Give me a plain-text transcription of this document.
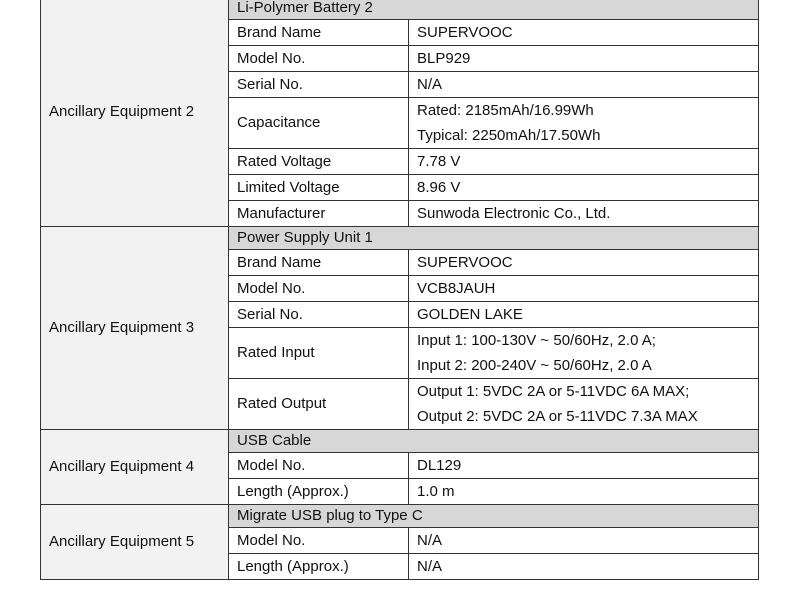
Ancillary Equipment 2	Li-Polymer Battery 2	
	Brand Name	SUPERVOOC
	Model No.	BLP929
	Serial No.	N/A
	Capacitance	Rated: 2185mAh/16.99Wh
Typical: 2250mAh/17.50Wh

	Rated Voltage	7.78 V
	Limited Voltage	8.96 V
	Manufacturer	Sunwoda Electronic Co., Ltd.
Ancillary Equipment 3	Power Supply Unit 1	
	Brand Name	SUPERVOOC
	Model No.	VCB8JAUH
	Serial No.	GOLDEN LAKE
	Rated Input	Input 1: 100-130V ~ 50/60Hz, 2.0 A;
Input 2: 200-240V ~ 50/60Hz, 2.0 A

	Rated Output	Output 1: 5VDC 2A or 5-11VDC 6A MAX;
Output 2: 5VDC 2A or 5-11VDC 7.3A MAX

Ancillary Equipment 4	USB Cable	
	Model No.	DL129
	Length (Approx.)	1.0 m
Ancillary Equipment 5	Migrate USB plug to Type C	
	Model No.	N/A
	Length (Approx.)	N/A
